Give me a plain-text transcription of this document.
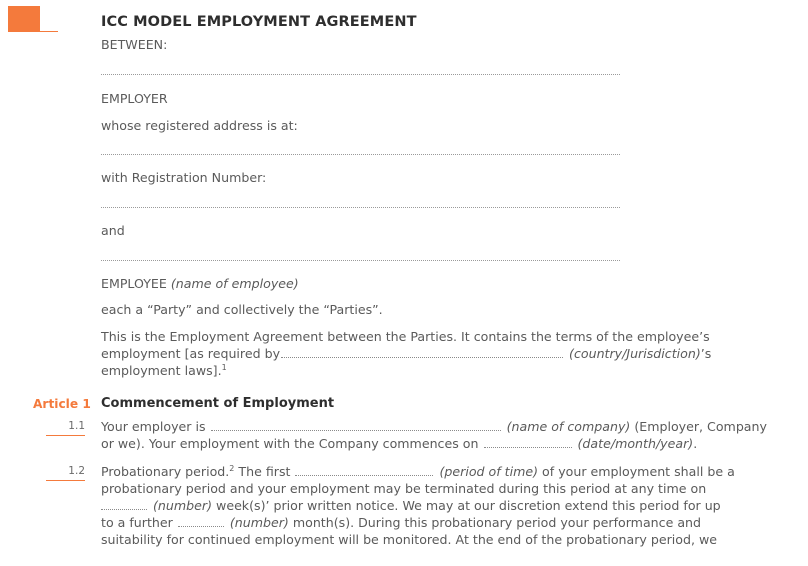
ICC MODEL EMPLOYMENT AGREEMENT
BETWEEN:
EMPLOYER
whose registered address is at:
with Registration Number:
and
EMPLOYEE (name of employee)
each a “Party” and collectively the “Parties”.
This is the Employment Agreement between the Parties. It contains the terms of the employee’s
employment [as required by	(country/Jurisdiction)’s
employment laws].$^1$
Article 1 Commencement of Employment
1.1 Your employer is	(name of company) (Employer, Company
or we). Your employment with the Company commences on	(date/month/year).
1.2 Probationary period.$^2$ The first	(period of time) of your employment shall be a
probationary period and your employment may be terminated during this period at any time on
(number) week(s)’ prior written notice. We may at our discretion extend this period for up
to a further	(number) month(s). During this probationary period your performance and
suitability for continued employment will be monitored. At the end of the probationary period, we
